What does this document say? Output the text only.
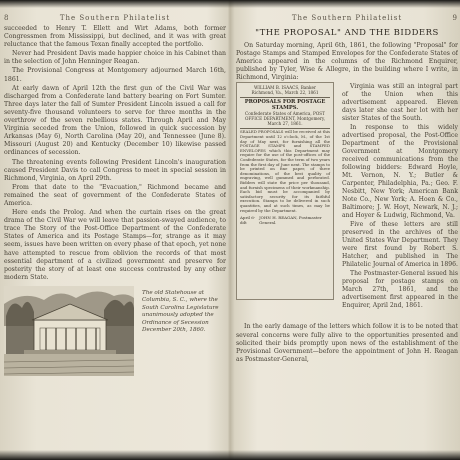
8	The Southern Philatelist

succeeded to Henry T. Ellett and Wirt Adams, both former Congressmen from Mississippi, but declined, and it was with great reluctance that the famous Texan finally accepted the portfolio.

Never had President Davis made happier choice in his Cabinet than in the selection of John Henninger Reagan.

The Provisional Congress at Montgomery adjourned March 16th, 1861.

At early dawn of April 12th the first gun of the Civil War was discharged from a Confederate land battery bearing on Fort Sumter. Three days later the fall of Sumter President Lincoln issued a call for seventy-five thousand volunteers to serve for three months in the overthrow of the seven rebellious states. Through April and May Virginia seceded from the Union, followed in quick succession by Arkansas (May 6), North Carolina (May 20), and Tennessee (June 8). Missouri (August 20) and Kentucky (December 10) likewise passed ordinances of secession.

The threatening events following President Lincoln's inauguration caused President Davis to call Congress to meet in special session in Richmond, Virginia, on April 29th.

From that date to the "Evacuation," Richmond became and remained the seat of government of the Confederate States of America.

Here ends the Prolog. And when the curtain rises on the great drama of the Civil War we will leave that passion-swayed audience, to trace The Story of the Post-Office Department of the Confederate States of America and its Postage Stamps—for, strange as it may seem, issues have been written on every phase of that epoch, yet none have attempted to rescue from oblivion the records of that most essential department of a civilized government and preserve for posterity the story of at least one success contrasted by any other modern State.

The old Statehouse at Columbia, S. C., where the South Carolina Legislature unanimously adopted the Ordinance of Secession December 20th, 1860.
The Southern Philatelist	9
"THE PROPOSAL" AND THE BIDDERS

On Saturday morning, April 6th, 1861, the following "Proposal" for Postage Stamps and Stamped Envelopes for the Confederate States of America appeared in the columns of the Richmond Enquirer, published by Tyler, Wise & Allegre, in the building where I write, in Richmond, Virginia:

WILLIAM B. ISAACS, Banker
Richmond, Va., March 22, 1861
PROPOSALS FOR POSTAGE STAMPS.
Confederate States of America, POST OFFICE DEPARTMENT, Montgomery, March 27, 1861.

SEALED PROPOSALS will be received at this Department until 12 o'clock, M., of the 1st day of May next, for furnishing all the POSTAGE STAMPS and STAMPED ENVELOPES which this Department may require for the use of the post-offices of the Confederate States, for the term of two years from the first day of June next. The stamps to be printed on fine paper, of three denominations, of the best quality of engraving, well gummed and perforated. Bidders will state the price per thousand, and furnish specimens of their workmanship. Each bid must be accompanied by satisfactory security for its faithful execution. Stamps to be delivered in such quantities, and at such times, as may be required by the Department.

April 6-ddt
JOHN H. REAGAN, Postmaster General.

Virginia was still an integral part of the Union when this advertisement appeared. Eleven days later she cast her lot with her sister States of the South.

In response to this widely advertised proposal, the Post-Office Department of the Provisional Government at Montgomery received communications from the following bidders: Edward Hoyle, Mt. Vernon, N. Y.; Butler & Carpenter, Philadelphia, Pa.; Geo. F. Nesbitt, New York; American Bank Note Co., New York; A. Hoen & Co., Baltimore; J. W. Hoyt, Newark, N. J.; and Hoyer & Ludwig, Richmond, Va.

Five of these letters are still preserved in the archives of the United States War Department. They were first found by Robert S. Hatcher, and published in The Philatelic Journal of America in 1896.

The Postmaster-General issued his proposal for postage stamps on March 27th, 1861, and the advertisement first appeared in the Enquirer, April 2nd, 1861.

In the early damage of the letters which follow it is to be noted that several concerns were fully alive to the opportunities presented and solicited their bids promptly upon news of the establishment of the Provisional Government—before the appointment of John H. Reagan as Postmaster-General,
